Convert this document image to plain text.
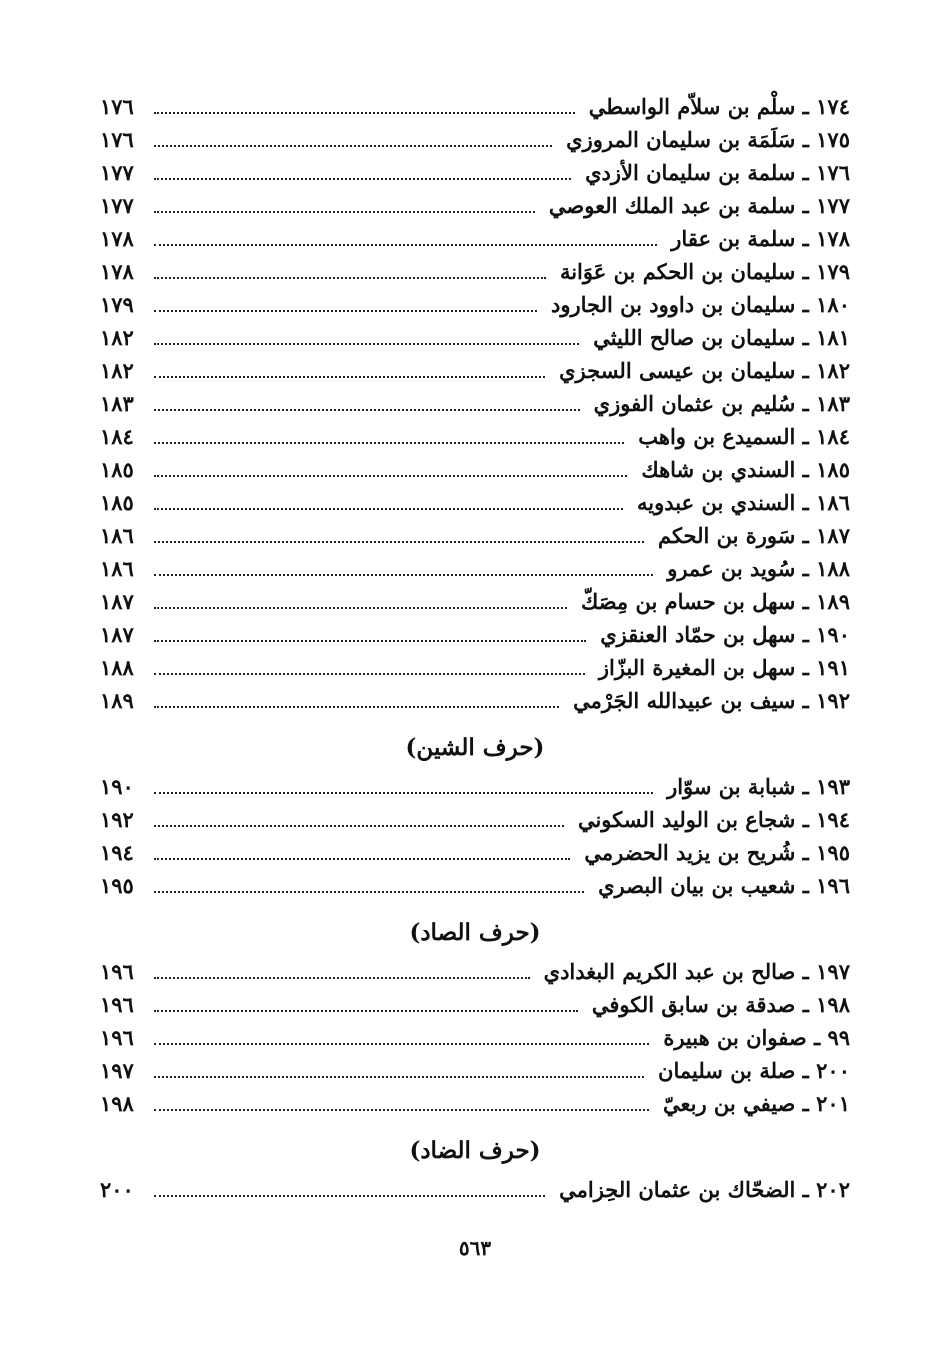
١٧٤ ـ سلْم بن سلاّم الواسطي
١٧٦
١٧٥ ـ سَلَمَة بن سليمان المروزي
١٧٦
١٧٦ ـ سلمة بن سليمان الأزدي
١٧٧
١٧٧ ـ سلمة بن عبد الملك العوصي
١٧٧
١٧٨ ـ سلمة بن عقار
١٧٨
١٧٩ ـ سليمان بن الحكم بن عَوَانة
١٧٨
١٨٠ ـ سليمان بن داوود بن الجارود
١٧٩
١٨١ ـ سليمان بن صالح الليثي
١٨٢
١٨٢ ـ سليمان بن عيسى السجزي
١٨٢
١٨٣ ـ سُليم بن عثمان الفوزي
١٨٣
١٨٤ ـ السميدع بن واهب
١٨٤
١٨٥ ـ السندي بن شاهك
١٨٥
١٨٦ ـ السندي بن عبدويه
١٨٥
١٨٧ ـ سَورة بن الحكم
١٨٦
١٨٨ ـ سُويد بن عمرو
١٨٦
١٨٩ ـ سهل بن حسام بن مِصَكّ
١٨٧
١٩٠ ـ سهل بن حمّاد العنقزي
١٨٧
١٩١ ـ سهل بن المغيرة البزّاز
١٨٨
١٩٢ ـ سيف بن عبيدالله الجَرْمي
١٨٩
(حرف الشين)
١٩٣ ـ شبابة بن سوّار
١٩٠
١٩٤ ـ شجاع بن الوليد السكوني
١٩٢
١٩٥ ـ شُريح بن يزيد الحضرمي
١٩٤
١٩٦ ـ شعيب بن بيان البصري
١٩٥
(حرف الصاد)
١٩٧ ـ صالح بن عبد الكريم البغدادي
١٩٦
١٩٨ ـ صدقة بن سابق الكوفي
١٩٦
٩٩ ـ صفوان بن هبيرة
١٩٦
٢٠٠ ـ صلة بن سليمان
١٩٧
٢٠١ ـ صيفي بن ربعيّ
١٩٨
(حرف الضاد)
٢٠٢ ـ الضحّاك بن عثمان الحِزامي
٢٠٠
٥٦٣
